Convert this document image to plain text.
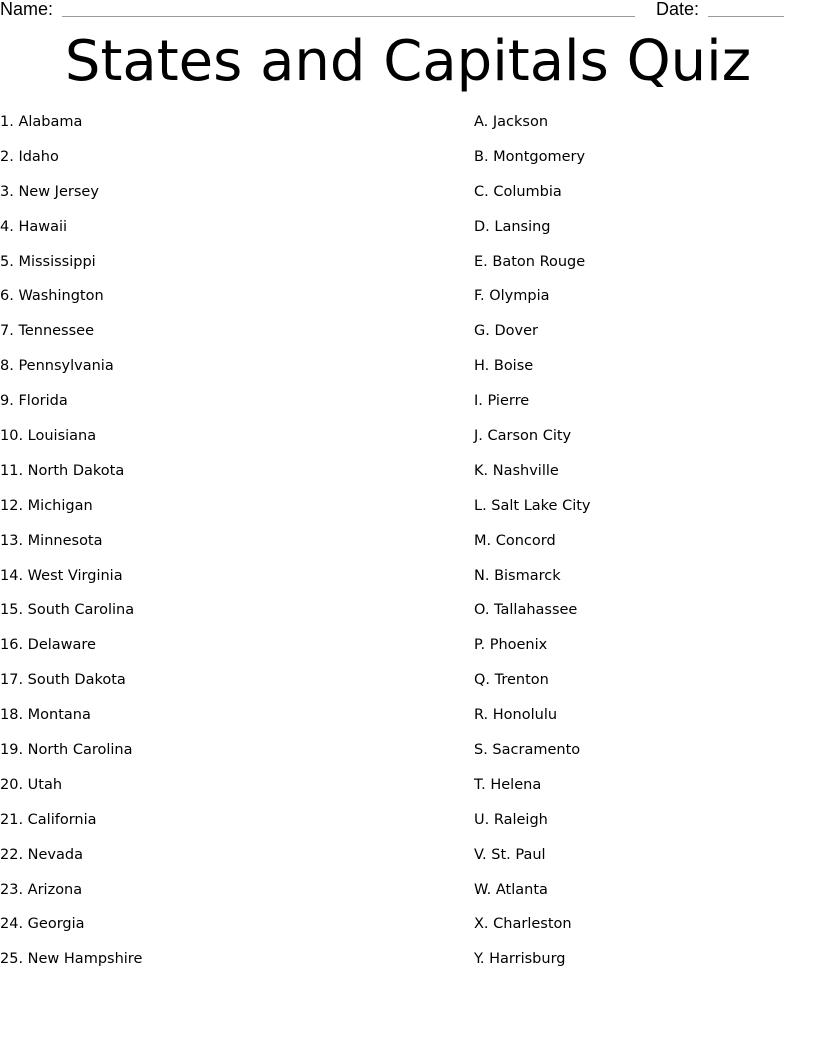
Name:	Date:
States and Capitals Quiz
1. Alabama
2. Idaho
3. New Jersey
4. Hawaii
5. Mississippi
6. Washington
7. Tennessee
8. Pennsylvania
9. Florida
10. Louisiana
11. North Dakota
12. Michigan
13. Minnesota
14. West Virginia
15. South Carolina
16. Delaware
17. South Dakota
18. Montana
19. North Carolina
20. Utah
21. California
22. Nevada
23. Arizona
24. Georgia
25. New Hampshire
A. Jackson
B. Montgomery
C. Columbia
D. Lansing
E. Baton Rouge
F. Olympia
G. Dover
H. Boise
I. Pierre
J. Carson City
K. Nashville
L. Salt Lake City
M. Concord
N. Bismarck
O. Tallahassee
P. Phoenix
Q. Trenton
R. Honolulu
S. Sacramento
T. Helena
U. Raleigh
V. St. Paul
W. Atlanta
X. Charleston
Y. Harrisburg
